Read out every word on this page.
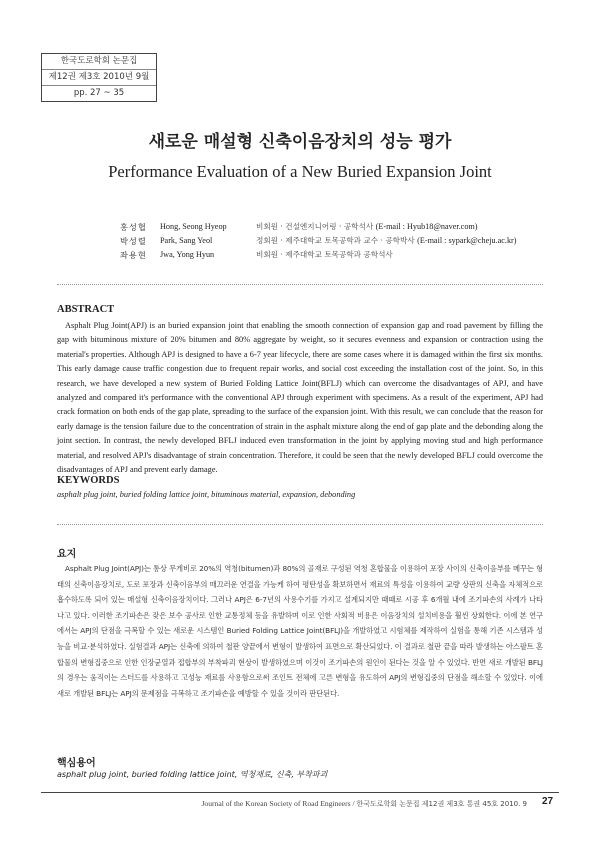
한국도로학회 논문집
제12권 제3호 2010년 9월
pp. 27 ~ 35
새로운 매설형 신축이음장치의 성능 평가
Performance Evaluation of a New Buried Expansion Joint
홍성협 Hong, Seong Hyeop	비회원 · 건설엔지니어링 · 공학석사 (E-mail : Hyub18@naver.com)
박성렬 Park, Sang Yeol	정회원 · 제주대학교 토목공학과 교수 · 공학박사 (E-mail : sypark@cheju.ac.kr)
좌용현 Jwa, Yong Hyun	비회원 · 제주대학교 토목공학과 공학석사
ABSTRACT

Asphalt Plug Joint(APJ) is an buried expansion joint that enabling the smooth connection of expansion gap and road pavement by filling the gap with bituminous mixture of 20% bitumen and 80% aggregate by weight, so it secures evenness and expansion or contraction using the material's properties. Although APJ is designed to have a 6-7 year lifecycle, there are some cases where it is damaged within the first six months. This early damage cause traffic congestion due to frequent repair works, and social cost exceeding the installation cost of the joint. So, in this research, we have developed a new system of Buried Folding Lattice Joint(BFLJ) which can overcome the disadvantages of APJ, and have analyzed and compared it's performance with the conventional APJ through experiment with specimens. As a result of the experiment, APJ had crack formation on both ends of the gap plate, spreading to the surface of the expansion joint. With this result, we can conclude that the reason for early damage is the tension failure due to the concentration of strain in the asphalt mixture along the end of gap plate and the debonding along the joint section. In contrast, the newly developed BFLJ induced even transformation in the joint by applying moving stud and high performance material, and resolved APJ's disadvantage of strain concentration. Therefore, it could be seen that the newly developed BFLJ could overcome the disadvantages of APJ and prevent early damage.

KEYWORDS
asphalt plug joint, buried folding lattice joint, bituminous material, expansion, debonding
요지

Asphalt Plug Joint(APJ)는 통상 무게비로 20%의 역청(bitumen)과 80%의 골재로 구성된 역청 혼합물을 이용하여 포장 사이의 신축이음부를 메꾸는 형태의 신축이음장치로, 도로 포장과 신축이음부의 매끄러운 연결을 가능케 하여 평탄성을 확보하면서 재료의 특성을 이용하여 교량 상판의 신축을 자체적으로 흡수하도록 되어 있는 매설형 신축이음장치이다. 그러나 APJ은 6-7년의 사용수기를 가지고 설계되지만 때때로 시공 후 6개월 내에 조기파손의 사례가 나타나고 있다. 이러한 조기파손은 잦은 보수 공사로 인한 교통정체 등을 유발하며 이로 인한 사회적 비용은 이음장치의 설치비용을 훨씬 상회한다. 이에 본 연구에서는 APJ의 단점을 극복할 수 있는 새로운 시스템인 Buried Folding Lattice Joint(BFLJ)을 개발하였고 시험체를 제작하여 실험을 통해 기존 시스템과 성능을 비교·분석하였다. 실험결과 APJ는 신축에 의하여 철판 양끝에서 변형이 발생하여 표면으로 확산되었다. 이 결과로 철판 끝을 따라 발생하는 아스팔트 혼합물의 변형집중으로 인한 인장균열과 접합부의 부착파괴 현상이 발생하였으며 이것이 조기파손의 원인이 된다는 것을 알 수 있었다. 반면 새로 개발된 BFLJ의 경우는 움직이는 스터드를 사용하고 고성능 재료를 사용함으로써 조인트 전체에 고른 변형을 유도하여 APJ의 변형집중의 단점을 해소할 수 있었다. 이에 새로 개발된 BFLJ는 APJ의 문제점을 극복하고 조기파손을 예방할 수 있을 것이라 판단된다.

핵심용어
asphalt plug joint, buried folding lattice joint, 역청재료, 신축, 부착파괴
Journal of the Korean Society of Road Engineers / 한국도로학회 논문집 제12권 제3호 통권 45호 2010. 9 27
